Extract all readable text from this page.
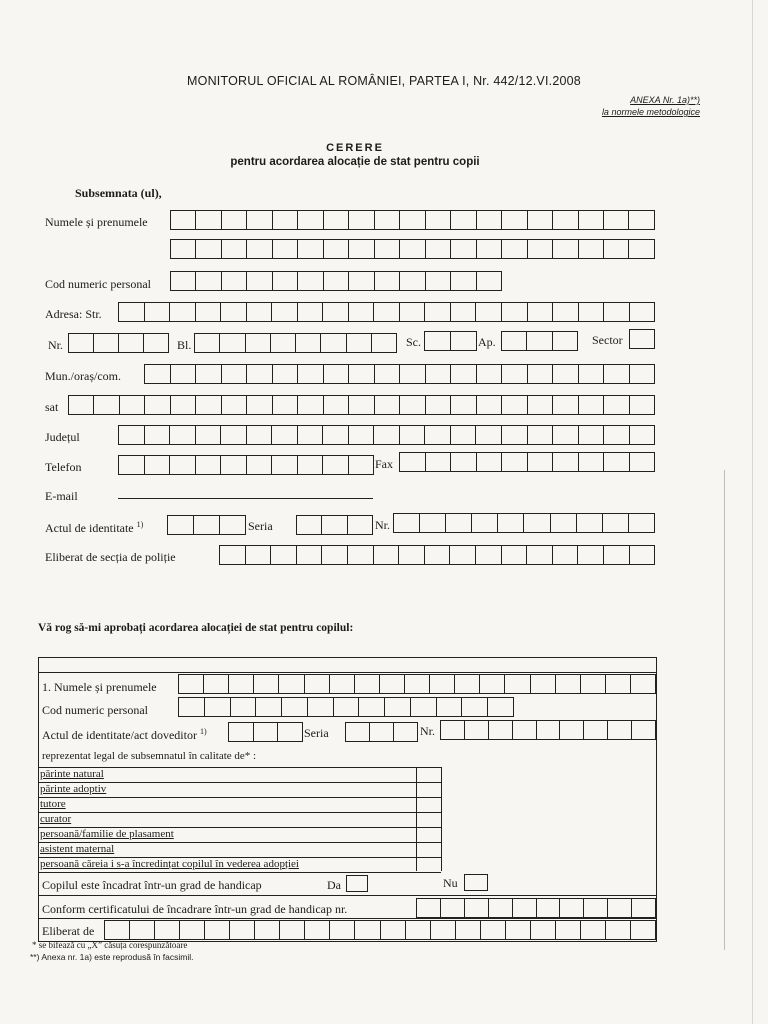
MONITORUL OFICIAL AL ROMÂNIEI, PARTEA I, Nr. 442/12.VI.2008
ANEXA Nr. 1a)**)
la normele metodologice
CERERE
pentru acordarea alocație de stat pentru copii
Subsemnata (ul),
Numele și prenumele
Cod numeric personal
Adresa: Str.
Nr.	Bl.	Sc.	Ap.	Sector
Mun./oraș/com.
sat
Județul
Telefon	Fax
E-mail
Actul de identitate $^{1)}$	Seria	Nr.
Eliberat de secția de poliție
Vă rog să-mi aprobați acordarea alocației de stat pentru copilul:
1. Numele și prenumele
Cod numeric personal
Actul de identitate/act doveditor $^{1)}$	Seria	Nr.
reprezentat legal de subsemnatul în calitate de* :
părinte natural
părinte adoptiv
tutore
curator
persoană/familie de plasament
asistent maternal
persoană căreia i s-a încredințat copilul în vederea adopției
Copilul este încadrat într-un grad de handicap	Da	Nu
Conform certificatului de încadrare într-un grad de handicap nr.
Eliberat de
* se bifează cu „X” căsuța corespunzătoare
**) Anexa nr. 1a) este reprodusă în facsimil.
